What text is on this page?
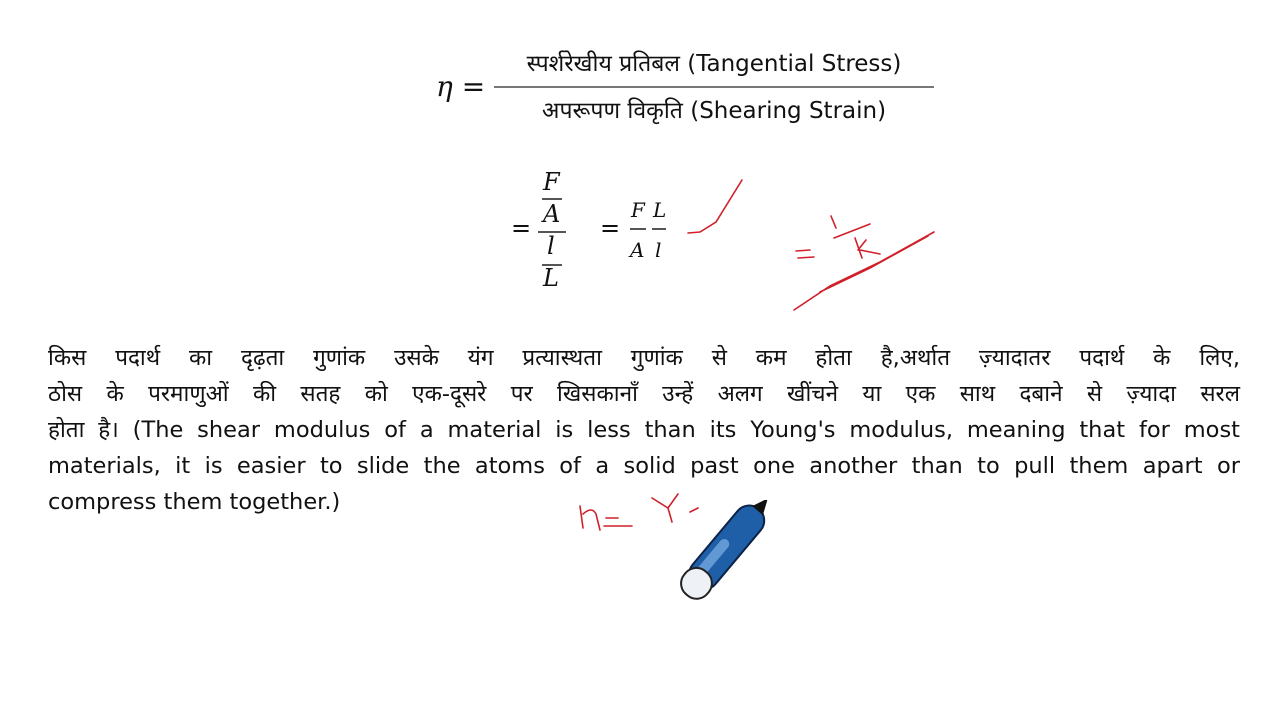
η =
स्पर्शरेखीय प्रतिबल (Tangential Stress)
अपरूपण विकृति (Shearing Strain)
=
F
A
l
L
=
F
A
L
l
किस पदार्थ का दृढ़ता गुणांक उसके यंग प्रत्यास्थता गुणांक से कम होता है,अर्थात ज़्यादातर पदार्थ के लिए,
ठोस के परमाणुओं की सतह को एक-दूसरे पर खिसकानाँ उन्हें अलग खींचने या एक साथ दबाने से ज़्यादा सरल
होता है। (The shear modulus of a material is less than its Young's modulus, meaning that for most
materials, it is easier to slide the atoms of a solid past one another than to pull them apart or
compress them together.)
